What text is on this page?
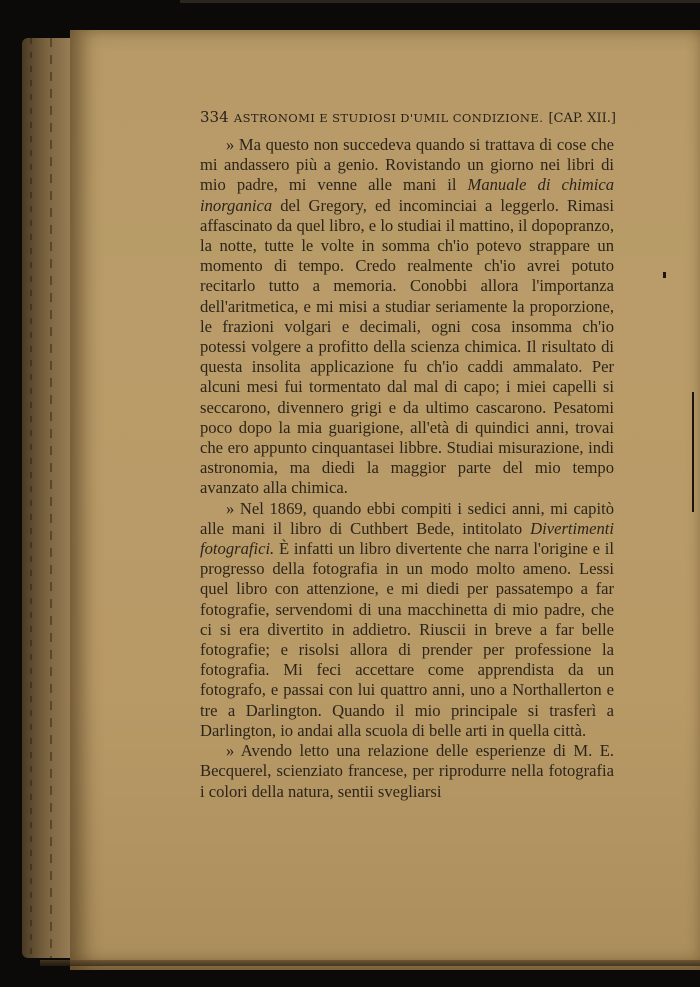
334 ASTRONOMI E STUDIOSI D'UMIL CONDIZIONE. [CAP. XII.]

» Ma questo non succedeva quando si trattava di cose che mi andassero più a genio. Rovistando un giorno nei libri di mio padre, mi venne alle mani il Manuale di chimica inorganica del Gregory, ed incominciai a leggerlo. Rimasi affascinato da quel libro, e lo studiai il mattino, il dopopranzo, la notte, tutte le volte in somma ch'io potevo strappare un momento di tempo. Credo realmente ch'io avrei potuto recitarlo tutto a memoria. Conobbi allora l'importanza dell'aritmetica, e mi misi a studiar seriamente la proporzione, le frazioni volgari e decimali, ogni cosa insomma ch'io potessi volgere a profitto della scienza chimica. Il risultato di questa insolita applicazione fu ch'io caddi ammalato. Per alcuni mesi fui tormentato dal mal di capo; i miei capelli si seccarono, divennero grigi e da ultimo cascarono. Pesatomi poco dopo la mia guarigione, all'età di quindici anni, trovai che ero appunto cinquantasei libbre. Studiai misurazione, indi astronomia, ma diedi la maggior parte del mio tempo avanzato alla chimica.

» Nel 1869, quando ebbi compiti i sedici anni, mi capitò alle mani il libro di Cuthbert Bede, intitolato Divertimenti fotografici. È infatti un libro divertente che narra l'origine e il progresso della fotografia in un modo molto ameno. Lessi quel libro con attenzione, e mi diedi per passatempo a far fotografie, servendomi di una macchinetta di mio padre, che ci si era divertito in addietro. Riuscii in breve a far belle fotografie; e risolsi allora di prender per professione la fotografia. Mi feci accettare come apprendista da un fotografo, e passai con lui quattro anni, uno a Northallerton e tre a Darlington. Quando il mio principale si trasferì a Darlington, io andai alla scuola di belle arti in quella città.

» Avendo letto una relazione delle esperienze di M. E. Becquerel, scienziato francese, per riprodurre nella fotografia i colori della natura, sentii svegliarsi
